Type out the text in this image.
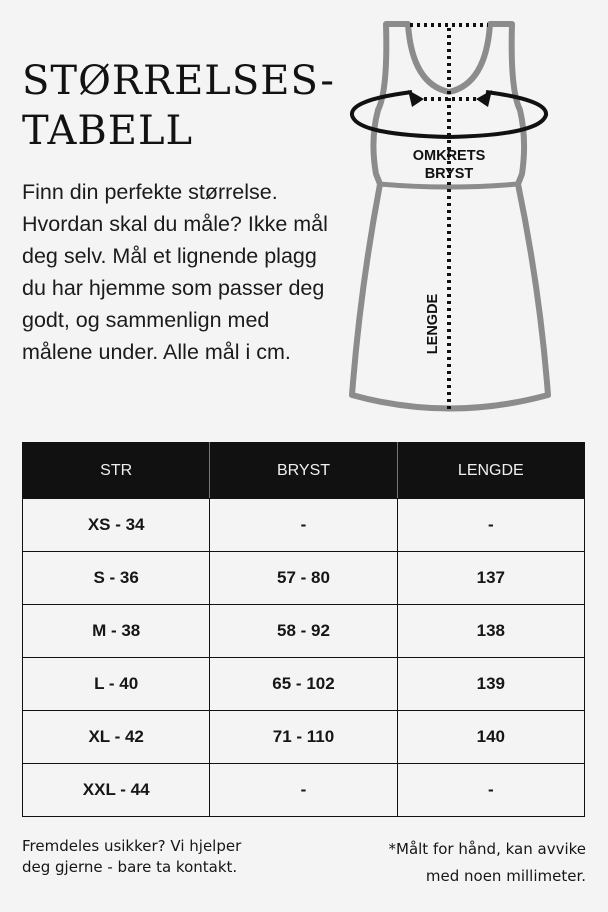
STØRRELSES-
TABELL

Finn din perfekte størrelse. Hvordan skal du måle? Ikke mål deg selv. Mål et lignende plagg du har hjemme som passer deg godt, og sammenlign med målene under. Alle mål i cm.

OMKRETS
BRYST
LENGDE
STR	BRYST	LENGDE
XS - 34	-	-
S - 36	57 - 80	137
M - 38	58 - 92	138
L - 40	65 - 102	139
XL - 42	71 - 110	140
XXL - 44	-	-

Fremdeles usikker? Vi hjelper
deg gjerne - bare ta kontakt.

*Målt for hånd, kan avvike
med noen millimeter.
